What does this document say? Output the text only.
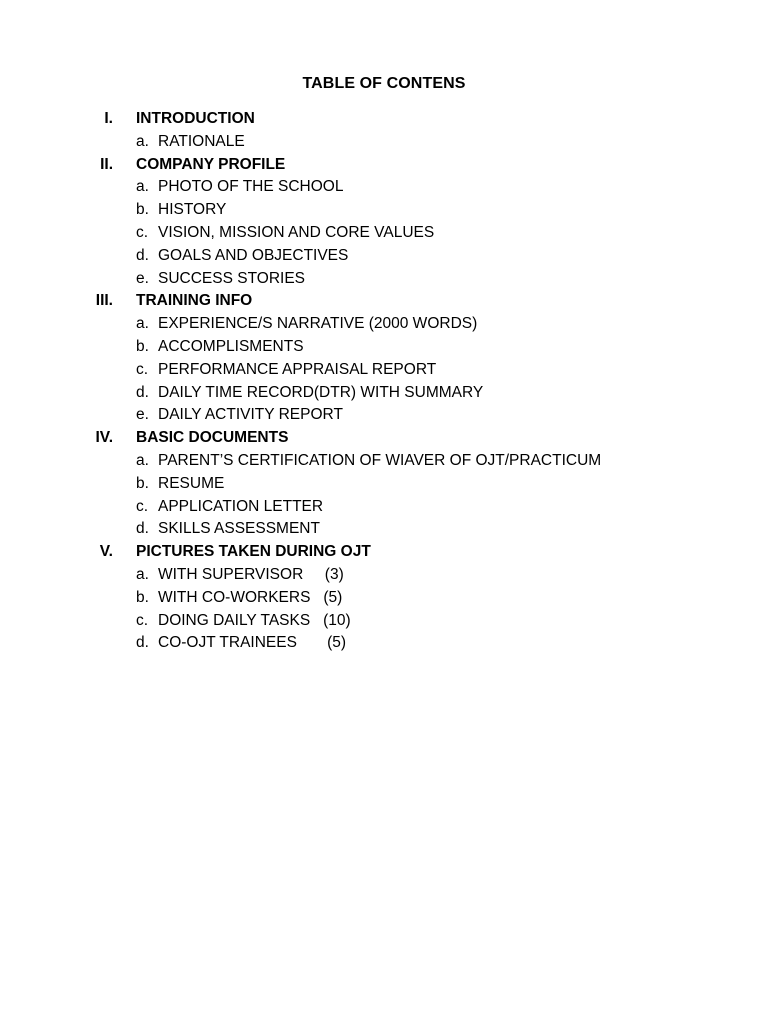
TABLE OF CONTENS

I.

INTRODUCTION

a.

RATIONALE

II.

COMPANY PROFILE

a.

PHOTO OF THE SCHOOL

b.

HISTORY

c.

VISION, MISSION AND CORE VALUES

d.

GOALS AND OBJECTIVES

e.

SUCCESS STORIES

III.

TRAINING INFO

a.

EXPERIENCE/S NARRATIVE (2000 WORDS)

b.

ACCOMPLISMENTS

c.

PERFORMANCE APPRAISAL REPORT

d.

DAILY TIME RECORD(DTR) WITH SUMMARY

e.

DAILY ACTIVITY REPORT

IV.

BASIC DOCUMENTS

a.

PARENT’S CERTIFICATION OF WIAVER OF OJT/PRACTICUM

b.

RESUME

c.

APPLICATION LETTER

d.

SKILLS ASSESSMENT

V.

PICTURES TAKEN DURING OJT

a.

WITH SUPERVISOR     (3)

b.

WITH CO-WORKERS   (5)

c.

DOING DAILY TASKS   (10)

d.

CO-OJT TRAINEES       (5)
